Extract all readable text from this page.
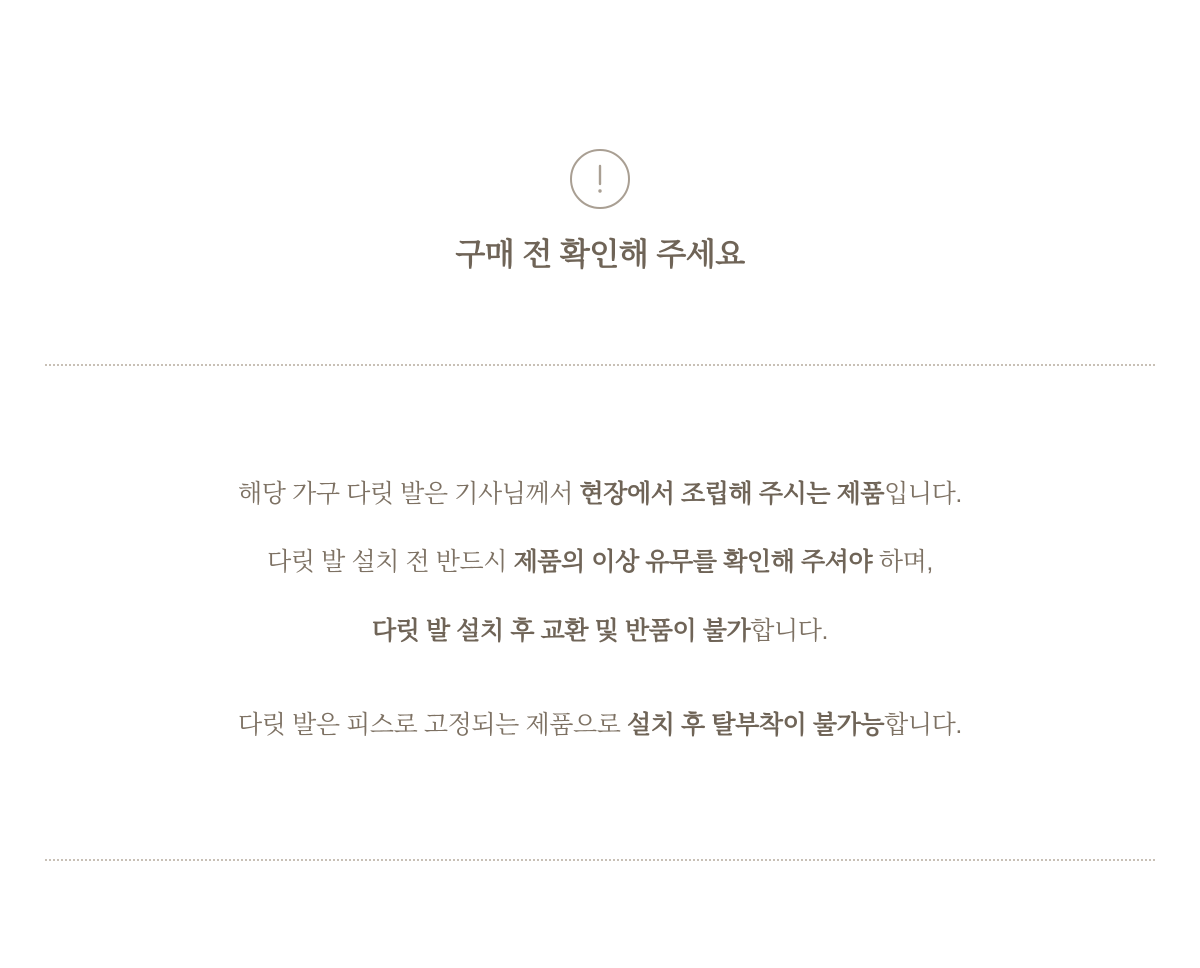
구매 전 확인해 주세요

해당 가구 다릿 발은 기사님께서 현장에서 조립해 주시는 제품입니다.

다릿 발 설치 전 반드시 제품의 이상 유무를 확인해 주셔야 하며,

다릿 발 설치 후 교환 및 반품이 불가합니다.

다릿 발은 피스로 고정되는 제품으로 설치 후 탈부착이 불가능합니다.
